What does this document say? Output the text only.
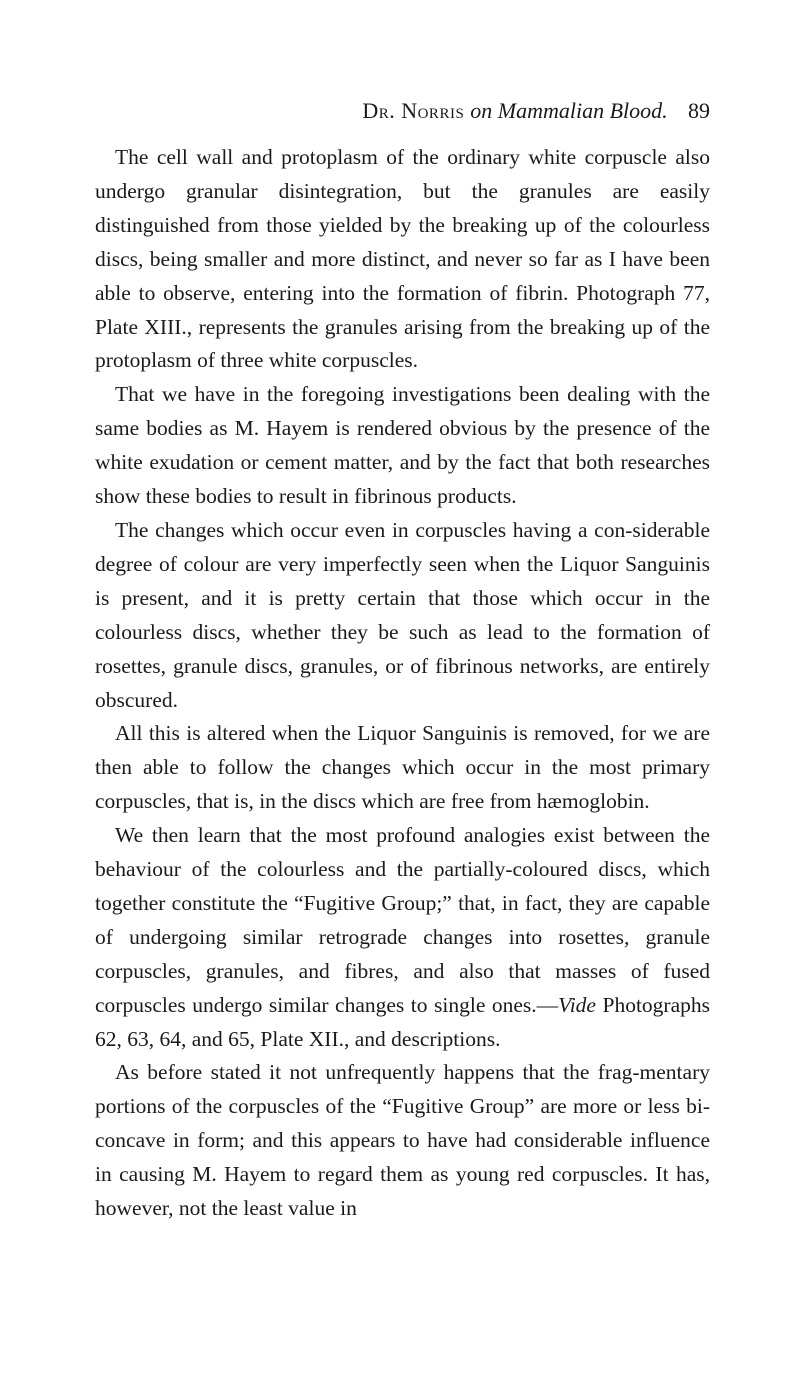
Dr. Norris on Mammalian Blood. 89

The cell wall and protoplasm of the ordinary white corpuscle also undergo granular disintegration, but the granules are easily distinguished from those yielded by the breaking up of the colourless discs, being smaller and more distinct, and never so far as I have been able to observe, entering into the formation of fibrin. Photograph 77, Plate XIII., represents the granules arising from the breaking up of the protoplasm of three white corpuscles.

That we have in the foregoing investigations been dealing with the same bodies as M. Hayem is rendered obvious by the presence of the white exudation or cement matter, and by the fact that both researches show these bodies to result in fibrinous products.

The changes which occur even in corpuscles having a con-siderable degree of colour are very imperfectly seen when the Liquor Sanguinis is present, and it is pretty certain that those which occur in the colourless discs, whether they be such as lead to the formation of rosettes, granule discs, granules, or of fibrinous networks, are entirely obscured.

All this is altered when the Liquor Sanguinis is removed, for we are then able to follow the changes which occur in the most primary corpuscles, that is, in the discs which are free from hæmoglobin.

We then learn that the most profound analogies exist between the behaviour of the colourless and the partially-coloured discs, which together constitute the “Fugitive Group;” that, in fact, they are capable of undergoing similar retrograde changes into rosettes, granule corpuscles, granules, and fibres, and also that masses of fused corpuscles undergo similar changes to single ones.—Vide Photographs 62, 63, 64, and 65, Plate XII., and descriptions.

As before stated it not unfrequently happens that the frag-mentary portions of the corpuscles of the “Fugitive Group” are more or less bi-concave in form; and this appears to have had considerable influence in causing M. Hayem to regard them as young red corpuscles. It has, however, not the least value in
